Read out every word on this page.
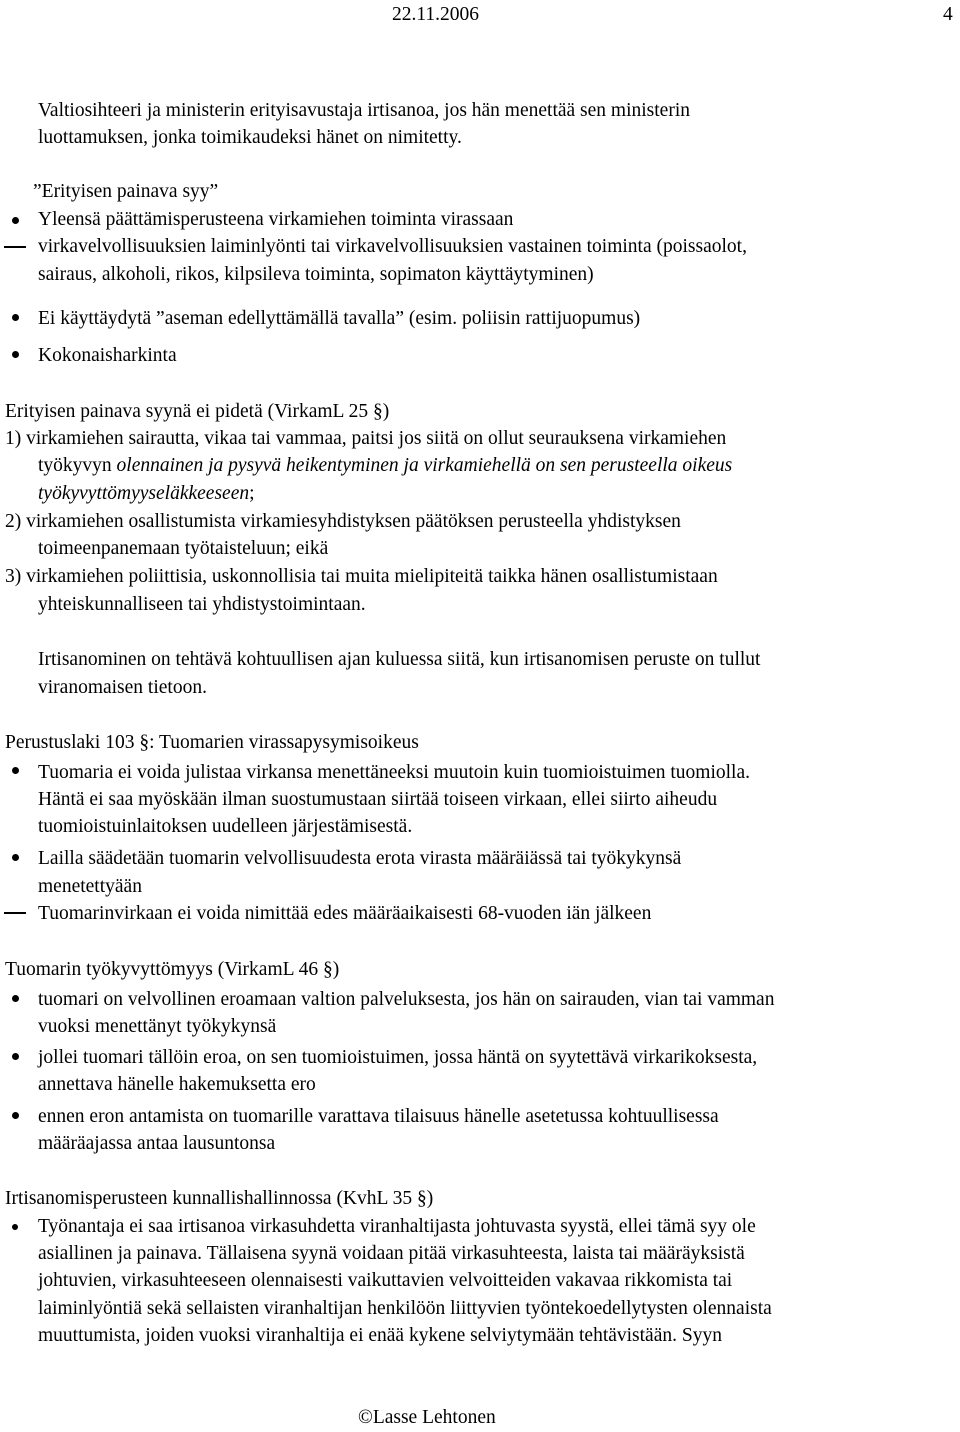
22.11.2006	4
Valtiosihteeri ja ministerin erityisavustaja irtisanoa, jos hän menettää sen ministerin
luottamuksen, jonka toimikaudeksi hänet on nimitetty.
”Erityisen painava syy”
Yleensä päättämisperusteena virkamiehen toiminta virassaan
virkavelvollisuuksien laiminlyönti tai virkavelvollisuuksien vastainen toiminta (poissaolot,
sairaus, alkoholi, rikos, kilpsileva toiminta, sopimaton käyttäytyminen)
Ei käyttäydytä ”aseman edellyttämällä tavalla” (esim. poliisin rattijuopumus)
Kokonaisharkinta
Erityisen painava syynä ei pidetä (VirkamL 25 §)
1) virkamiehen sairautta, vikaa tai vammaa, paitsi jos siitä on ollut seurauksena virkamiehen
työkyvyn olennainen ja pysyvä heikentyminen ja virkamiehellä on sen perusteella oikeus
työkyvyttömyyseläkkeeseen;
2) virkamiehen osallistumista virkamiesyhdistyksen päätöksen perusteella yhdistyksen
toimeenpanemaan työtaisteluun; eikä
3) virkamiehen poliittisia, uskonnollisia tai muita mielipiteitä taikka hänen osallistumistaan
yhteiskunnalliseen tai yhdistystoimintaan.
Irtisanominen on tehtävä kohtuullisen ajan kuluessa siitä, kun irtisanomisen peruste on tullut
viranomaisen tietoon.
Perustuslaki 103 §: Tuomarien virassapysymisoikeus
Tuomaria ei voida julistaa virkansa menettäneeksi muutoin kuin tuomioistuimen tuomiolla.
Häntä ei saa myöskään ilman suostumustaan siirtää toiseen virkaan, ellei siirto aiheudu
tuomioistuinlaitoksen uudelleen järjestämisestä.
Lailla säädetään tuomarin velvollisuudesta erota virasta määräiässä tai työkykynsä
menetettyään
Tuomarinvirkaan ei voida nimittää edes määräaikaisesti 68-vuoden iän jälkeen
Tuomarin työkyvyttömyys (VirkamL 46 §)
tuomari on velvollinen eroamaan valtion palveluksesta, jos hän on sairauden, vian tai vamman
vuoksi menettänyt työkykynsä
jollei tuomari tällöin eroa, on sen tuomioistuimen, jossa häntä on syytettävä virkarikoksesta,
annettava hänelle hakemuksetta ero
ennen eron antamista on tuomarille varattava tilaisuus hänelle asetetussa kohtuullisessa
määräajassa antaa lausuntonsa
Irtisanomisperusteen kunnallishallinnossa (KvhL 35 §)
Työnantaja ei saa irtisanoa virkasuhdetta viranhaltijasta johtuvasta syystä, ellei tämä syy ole
asiallinen ja painava. Tällaisena syynä voidaan pitää virkasuhteesta, laista tai määräyksistä
johtuvien, virkasuhteeseen olennaisesti vaikuttavien velvoitteiden vakavaa rikkomista tai
laiminlyöntiä sekä sellaisten viranhaltijan henkilöön liittyvien työntekoedellytysten olennaista
muuttumista, joiden vuoksi viranhaltija ei enää kykene selviytymään tehtävistään. Syyn
©Lasse Lehtonen
